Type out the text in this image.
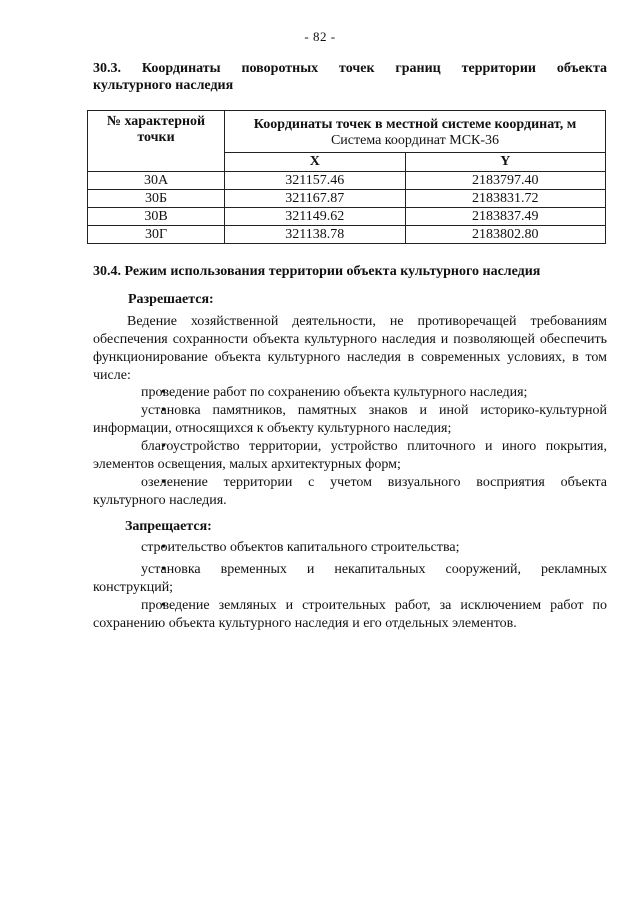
- 82 -
30.3. Координаты поворотных точек границ территории объекта
культурного наследия
№ характерной точки	Координаты точек в местной системе координат, м
Система координат МСК-36	

	X	Y
30А	321157.46	2183797.40
30Б	321167.87	2183831.72
30В	321149.62	2183837.49
30Г	321138.78	2183802.80
30.4. Режим использования территории объекта культурного наследия
Разрешается:
Ведение хозяйственной деятельности, не противоречащей требованиям обеспечения сохранности объекта культурного наследия и позволяющей обеспечить функционирование объекта культурного наследия в современных условиях, в том числе:
• проведение работ по сохранению объекта культурного наследия;
• установка памятников, памятных знаков и иной историко-культурной информации, относящихся к объекту культурного наследия;
• благоустройство территории, устройство плиточного и иного покрытия, элементов освещения, малых архитектурных форм;
• озеленение территории с учетом визуального восприятия объекта культурного наследия.
Запрещается:
• строительство объектов капитального строительства;
• установка временных и некапитальных сооружений, рекламных конструкций;
• проведение земляных и строительных работ, за исключением работ по сохранению объекта культурного наследия и его отдельных элементов.
